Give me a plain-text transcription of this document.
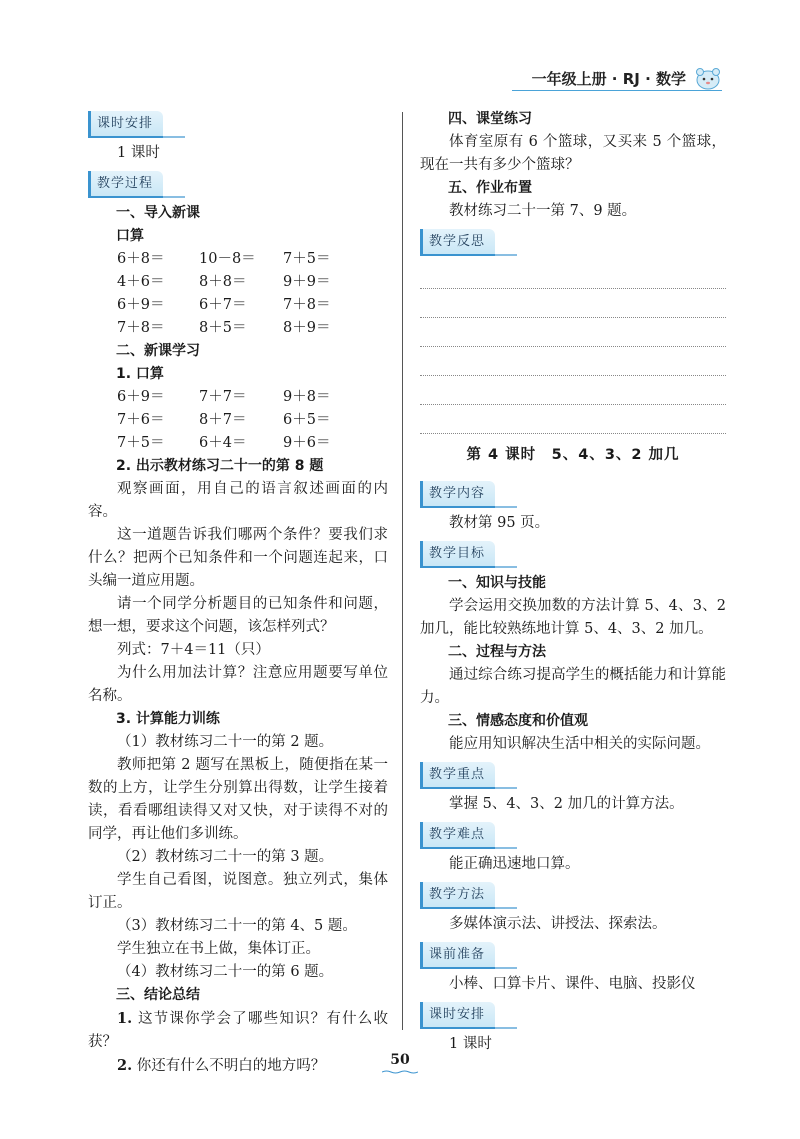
一年级上册 · RJ · 数学
课时安排

1 课时

教学过程

一、导入新课

口算

6＋8＝	10－8＝	7＋5＝
4＋6＝	8＋8＝	9＋9＝
6＋9＝	6＋7＝	7＋8＝
7＋8＝	8＋5＝	8＋9＝

二、新课学习

1. 口算

6＋9＝	7＋7＝	9＋8＝
7＋6＝	8＋7＝	6＋5＝
7＋5＝	6＋4＝	9＋6＝

2. 出示教材练习二十一的第 8 题

观察画面，用自己的语言叙述画面的内容。

这一道题告诉我们哪两个条件？要我们求什么？把两个已知条件和一个问题连起来，口头编一道应用题。

请一个同学分析题目的已知条件和问题，想一想，要求这个问题，该怎样列式？

列式：7＋4＝11（只）

为什么用加法计算？注意应用题要写单位名称。

3. 计算能力训练

（1）教材练习二十一的第 2 题。

教师把第 2 题写在黑板上，随便指在某一数的上方，让学生分别算出得数，让学生接着读，看看哪组读得又对又快，对于读得不对的同学，再让他们多训练。

（2）教材练习二十一的第 3 题。

学生自己看图，说图意。独立列式，集体订正。

（3）教材练习二十一的第 4、5 题。

学生独立在书上做，集体订正。

（4）教材练习二十一的第 6 题。

三、结论总结

1. 这节课你学会了哪些知识？有什么收获？

2. 你还有什么不明白的地方吗？

四、课堂练习

体育室原有 6 个篮球，又买来 5 个篮球，现在一共有多少个篮球？

五、作业布置

教材练习二十一第 7、9 题。

教学反思
第 4 课时　5、4、3、2 加几
教学内容

教材第 95 页。

教学目标

一、知识与技能

学会运用交换加数的方法计算 5、4、3、2 加几，能比较熟练地计算 5、4、3、2 加几。

二、过程与方法

通过综合练习提高学生的概括能力和计算能力。

三、情感态度和价值观

能应用知识解决生活中相关的实际问题。

教学重点

掌握 5、4、3、2 加几的计算方法。

教学难点

能正确迅速地口算。

教学方法

多媒体演示法、讲授法、探索法。

课前准备

小棒、口算卡片、课件、电脑、投影仪

课时安排

1 课时

50
